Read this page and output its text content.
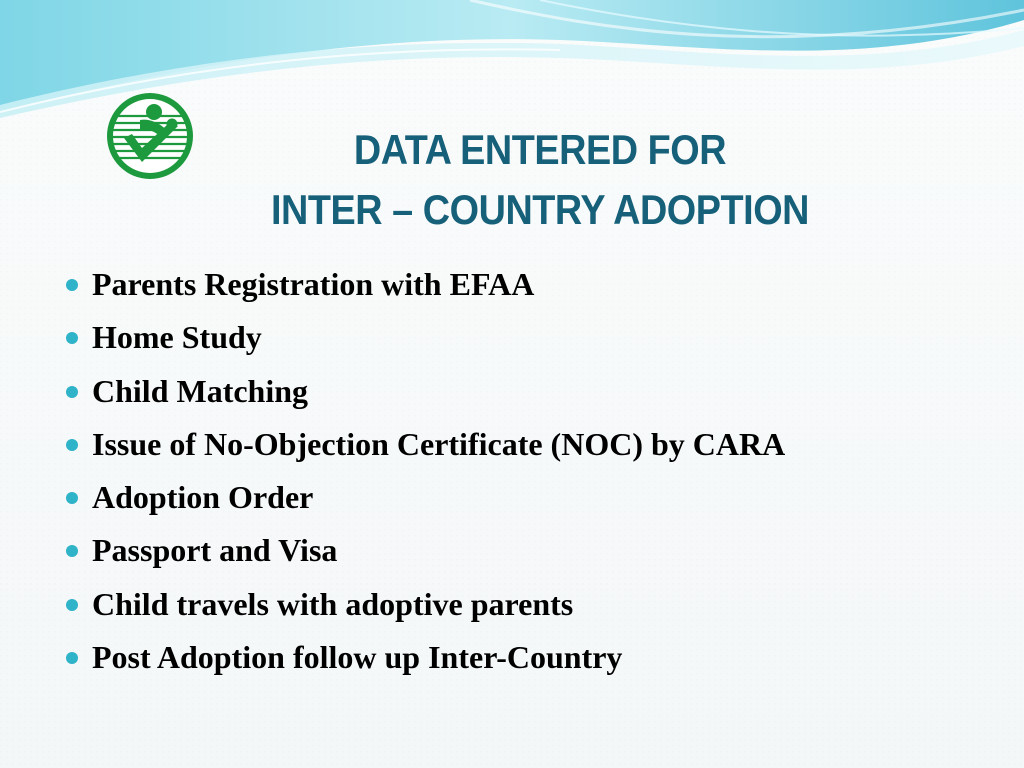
DATA ENTERED FOR
INTER – COUNTRY ADOPTION
Parents Registration with EFAA
Home Study
Child Matching
Issue of No-Objection Certificate (NOC) by CARA
Adoption Order
Passport and Visa
Child travels with adoptive parents
Post Adoption follow up Inter-Country
